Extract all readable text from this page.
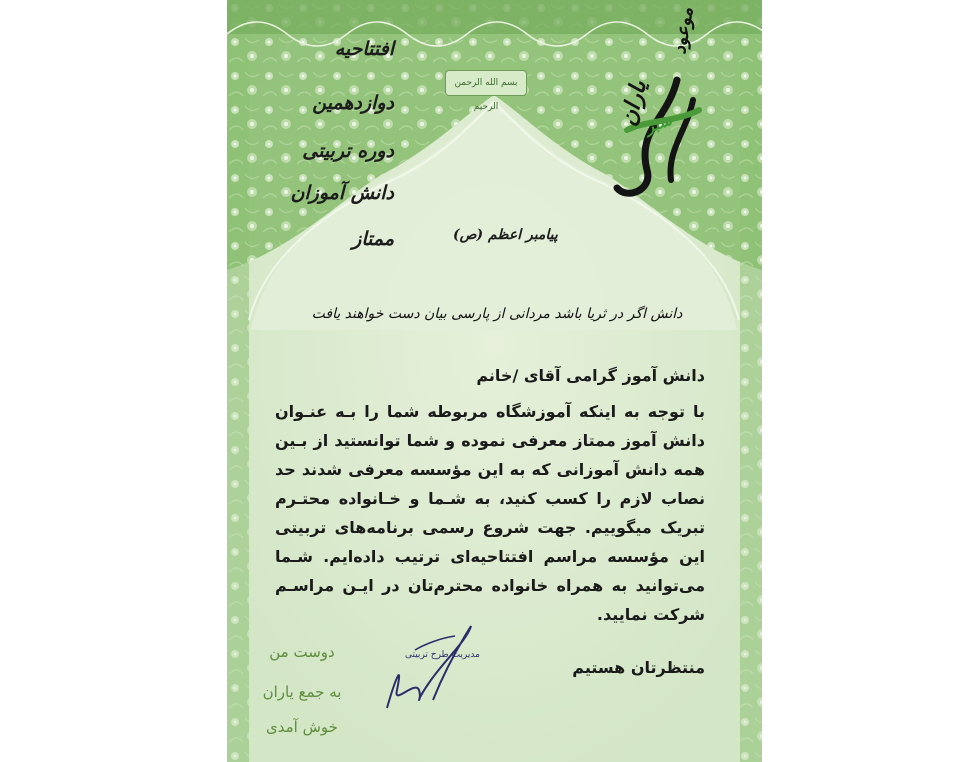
افتتاحیه
دوازدهمین
دوره تربیتی
دانش آموزان
ممتاز
بسم الله الرحمن الرحیم
موعود
یاران
سبز
پیامبر اعظم (ص)
دانش اگر در ثریا باشد مردانی از پارسی بیان دست خواهند یافت
دانش آموز گرامی آقای /خانم
با توجه به اینکه آموزشگاه مربوطه شما را بـه عنـوان دانش آموز ممتاز معرفی نموده و شما توانستید از بـین همه دانش آموزانی که به این مؤسسه معرفی شدند حد نصاب لازم را کسب کنید، به شـما و خـانواده محتـرم تبریک میگوییم. جهت شروع رسمی برنامه‌های تربیتی این مؤسسه مراسم افتتاحیه‌ای ترتیب داده‌ایم. شـما می‌توانید به همراه خانواده محترم‌تان در ایـن مراسـم شرکت نمایید.
منتظرتان هستیم
مدیریت طرح تربیتی
دوست من
به جمع یاران
خوش آمدی
